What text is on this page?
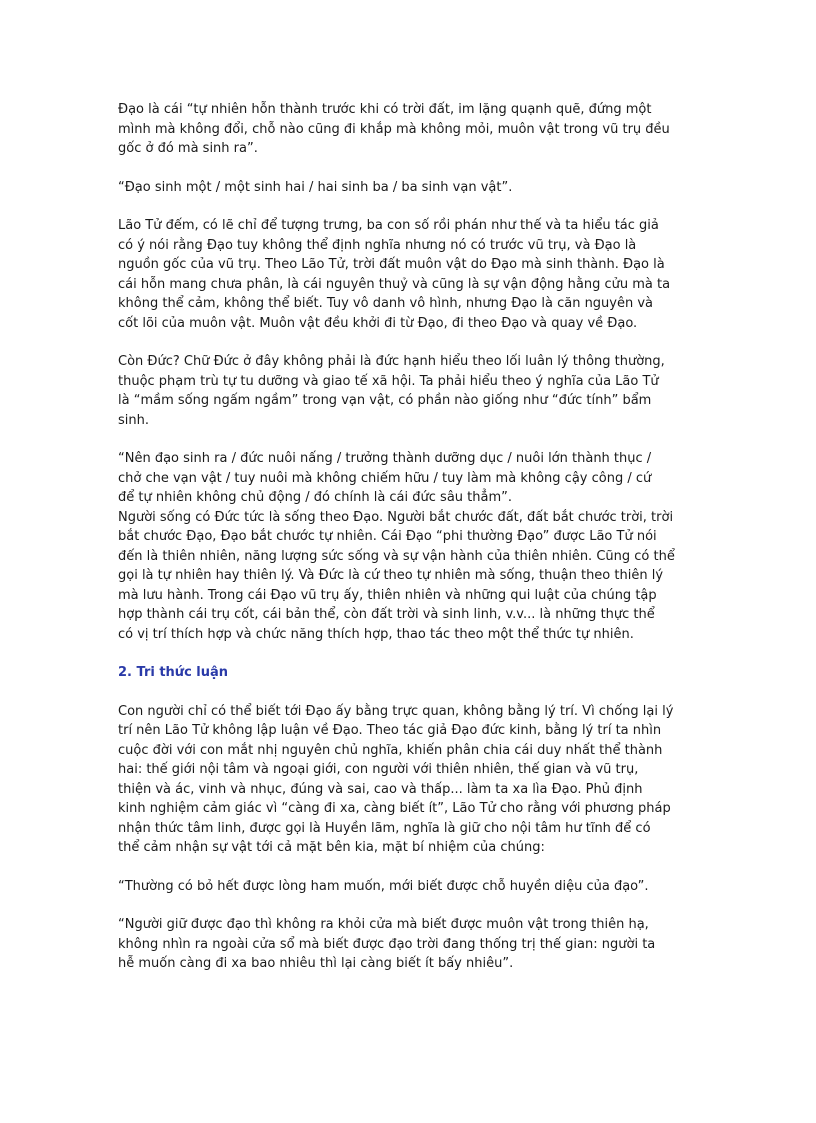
Đạo là cái “tự nhiên hỗn thành trước khi có trời đất, im lặng quạnh quẽ, đứng một
mình mà không đổi, chỗ nào cũng đi khắp mà không mỏi, muôn vật trong vũ trụ đều
gốc ở đó mà sinh ra”.

“Đạo sinh một / một sinh hai / hai sinh ba / ba sinh vạn vật”.

Lão Tử đếm, có lẽ chỉ để tượng trưng, ba con số rồi phán như thế và ta hiểu tác giả
có ý nói rằng Đạo tuy không thể định nghĩa nhưng nó có trước vũ trụ, và Đạo là
nguồn gốc của vũ trụ. Theo Lão Tử, trời đất muôn vật do Đạo mà sinh thành. Đạo là
cái hỗn mang chưa phân, là cái nguyên thuỷ và cũng là sự vận động hằng cửu mà ta
không thể cảm, không thể biết. Tuy vô danh vô hình, nhưng Đạo là căn nguyên và
cốt lõi của muôn vật. Muôn vật đều khởi đi từ Đạo, đi theo Đạo và quay về Đạo.

Còn Đức? Chữ Đức ở đây không phải là đức hạnh hiểu theo lối luân lý thông thường,
thuộc phạm trù tự tu dưỡng và giao tế xã hội. Ta phải hiểu theo ý nghĩa của Lão Tử
là “mầm sống ngấm ngầm” trong vạn vật, có phần nào giống như “đức tính” bẩm
sinh.

“Nên đạo sinh ra / đức nuôi nấng / trưởng thành dưỡng dục / nuôi lớn thành thục /
chở che vạn vật / tuy nuôi mà không chiếm hữu / tuy làm mà không cậy công / cứ
để tự nhiên không chủ động / đó chính là cái đức sâu thẳm”.

Người sống có Đức tức là sống theo Đạo. Người bắt chước đất, đất bắt chước trời, trời
bắt chước Đạo, Đạo bắt chước tự nhiên. Cái Đạo “phi thường Đạo” được Lão Tử nói
đến là thiên nhiên, năng lượng sức sống và sự vận hành của thiên nhiên. Cũng có thể
gọi là tự nhiên hay thiên lý. Và Đức là cứ theo tự nhiên mà sống, thuận theo thiên lý
mà lưu hành. Trong cái Đạo vũ trụ ấy, thiên nhiên và những qui luật của chúng tập
hợp thành cái trụ cốt, cái bản thể, còn đất trời và sinh linh, v.v... là những thực thể
có vị trí thích hợp và chức năng thích hợp, thao tác theo một thể thức tự nhiên.

2. Tri thức luận

Con người chỉ có thể biết tới Đạo ấy bằng trực quan, không bằng lý trí. Vì chống lại lý
trí nên Lão Tử không lập luận về Đạo. Theo tác giả Đạo đức kinh, bằng lý trí ta nhìn
cuộc đời với con mắt nhị nguyên chủ nghĩa, khiến phân chia cái duy nhất thể thành
hai: thế giới nội tâm và ngoại giới, con người với thiên nhiên, thế gian và vũ trụ,
thiện và ác, vinh và nhục, đúng và sai, cao và thấp... làm ta xa lìa Đạo. Phủ định
kinh nghiệm cảm giác vì “càng đi xa, càng biết ít”, Lão Tử cho rằng với phương pháp
nhận thức tâm linh, được gọi là Huyền lãm, nghĩa là giữ cho nội tâm hư tĩnh để có
thể cảm nhận sự vật tới cả mặt bên kia, mặt bí nhiệm của chúng:

“Thường có bỏ hết được lòng ham muốn, mới biết được chỗ huyền diệu của đạo”.

“Người giữ được đạo thì không ra khỏi cửa mà biết được muôn vật trong thiên hạ,
không nhìn ra ngoài cửa sổ mà biết được đạo trời đang thống trị thế gian: người ta
hễ muốn càng đi xa bao nhiêu thì lại càng biết ít bấy nhiêu”.
